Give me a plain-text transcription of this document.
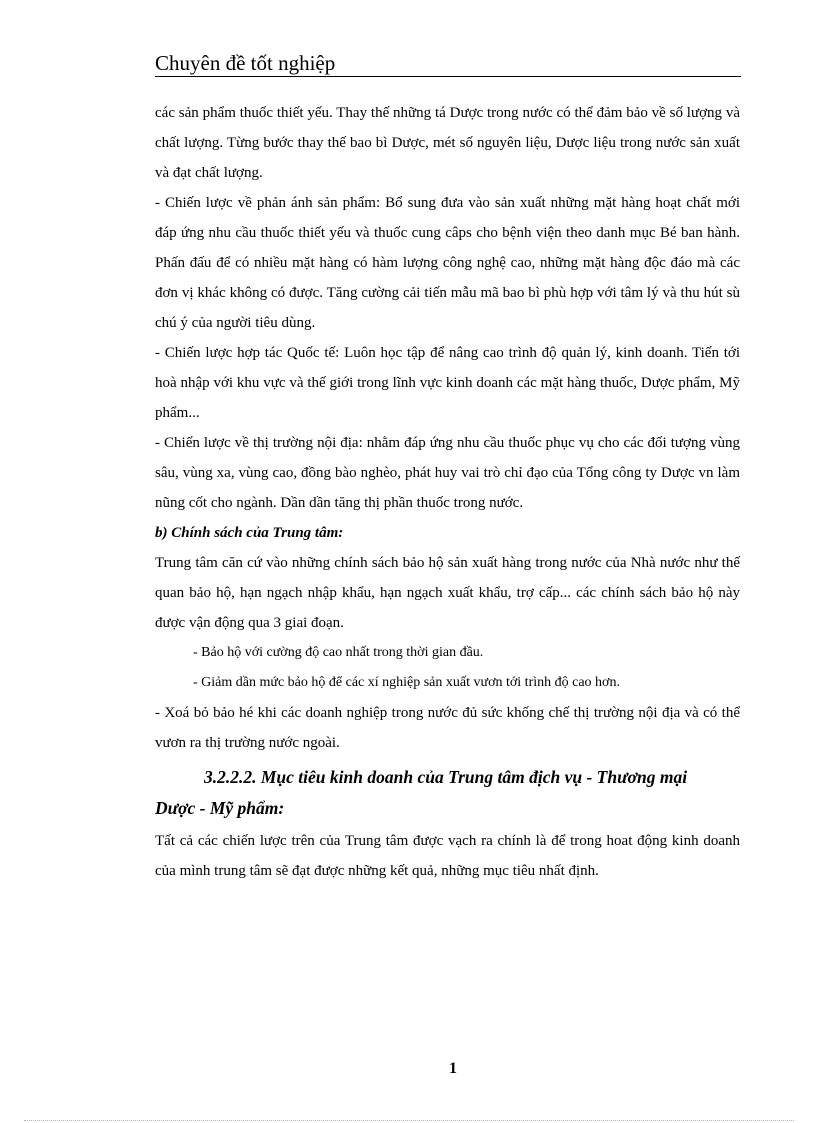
Chuyên đề tốt nghiệp

các sản phẩm thuốc thiết yếu. Thay thế những tá Dược trong nước có thể đảm bảo về số lượng và chất lượng. Từng bước thay thế bao bì Dược, mét số nguyên liệu, Dược liệu trong nước sản xuất và đạt chất lượng.

- Chiến lược về phản ánh sản phẩm: Bổ sung đưa vào sản xuất những mặt hàng hoạt chất mới đáp ứng nhu cầu thuốc thiết yếu và thuốc cung câps cho bệnh viện theo danh mục Bé ban hành. Phấn đấu để có nhiều mặt hàng có hàm lượng công nghệ cao, những mặt hàng độc đáo mà các đơn vị khác không có được. Tăng cường cải tiến mẫu mã bao bì phù hợp với tâm lý và thu hút sù chú ý của người tiêu dùng.

- Chiến lược hợp tác Quốc tế: Luôn học tập để nâng cao trình độ quản lý, kinh doanh. Tiến tới hoà nhập với khu vực và thế giới trong lĩnh vực kinh doanh các mặt hàng thuốc, Dược phẩm, Mỹ phẩm...

- Chiến lược về thị trường nội địa: nhằm đáp ứng nhu cầu thuốc phục vụ cho các đối tượng vùng sâu, vùng xa, vùng cao, đồng bào nghèo, phát huy vai trò chỉ đạo của Tổng công ty Dược vn làm nũng cốt cho ngành. Dần dần tăng thị phần thuốc trong nước.

b) Chính sách của Trung tâm:

Trung tâm căn cứ vào những chính sách bảo hộ sản xuất hàng trong nước của Nhà nước như thế quan bảo hộ, hạn ngạch nhập khẩu, hạn ngạch xuất khẩu, trợ cấp... các chính sách bảo hộ này được vận động qua 3 giai đoạn.

- Bảo hộ với cường độ cao nhất trong thời gian đầu.

- Giảm dần mức bảo hộ để các xí nghiệp sản xuất vươn tới trình độ cao hơn.

- Xoá bỏ bảo hé khi các doanh nghiệp trong nước đủ sức khống chế thị trường nội địa và có thể vươn ra thị trường nước ngoài.

3.2.2.2. Mục tiêu kinh doanh của Trung tâm địch vụ - Thương mại
Dược - Mỹ phẩm:

Tất cả các chiến lược trên của Trung tâm được vạch ra chính là để trong hoat động kinh doanh của mình trung tâm sẽ đạt được những kết quả, những mục tiêu nhất định.

1
